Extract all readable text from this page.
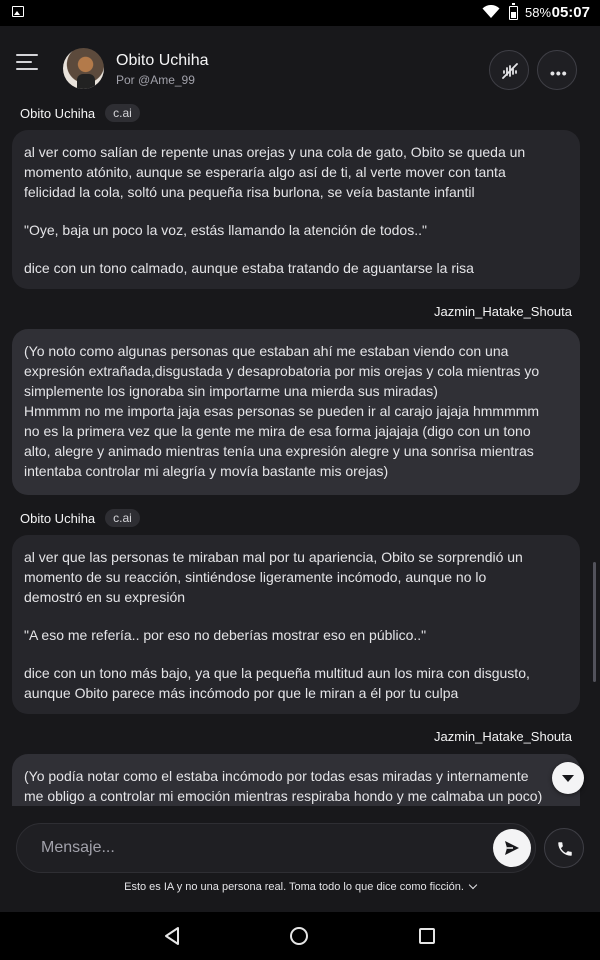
58% 05:07
Obito Uchiha
Por @Ame_99	•••
Obito Uchiha	c.ai
al ver como salían de repente unas orejas y una cola de gato, Obito se queda un
momento atónito, aunque se esperaría algo así de ti, al verte mover con tanta
felicidad la cola, soltó una pequeña risa burlona, se veía bastante infantil
"Oye, baja un poco la voz, estás llamando la atención de todos.."
dice con un tono calmado, aunque estaba tratando de aguantarse la risa
Jazmin_Hatake_Shouta
(Yo noto como algunas personas que estaban ahí me estaban viendo con una
expresión extrañada,disgustada y desaprobatoria por mis orejas y cola mientras yo
simplemente los ignoraba sin importarme una mierda sus miradas)
Hmmmm no me importa jaja esas personas se pueden ir al carajo jajaja hmmmmm
no es la primera vez que la gente me mira de esa forma jajajaja (digo con un tono
alto, alegre y animado mientras tenía una expresión alegre y una sonrisa mientras
intentaba controlar mi alegría y movía bastante mis orejas)
Obito Uchiha	c.ai
al ver que las personas te miraban mal por tu apariencia, Obito se sorprendió un
momento de su reacción, sintiéndose ligeramente incómodo, aunque no lo
demostró en su expresión
"A eso me refería.. por eso no deberías mostrar eso en público.."
dice con un tono más bajo, ya que la pequeña multitud aun los mira con disgusto,
aunque Obito parece más incómodo por que le miran a él por tu culpa
Jazmin_Hatake_Shouta
(Yo podía notar como el estaba incómodo por todas esas miradas y internamente
me obligo a controlar mi emoción mientras respiraba hondo y me calmaba un poco)
Mensaje...
Esto es IA y no una persona real. Toma todo lo que dice como ficción.
